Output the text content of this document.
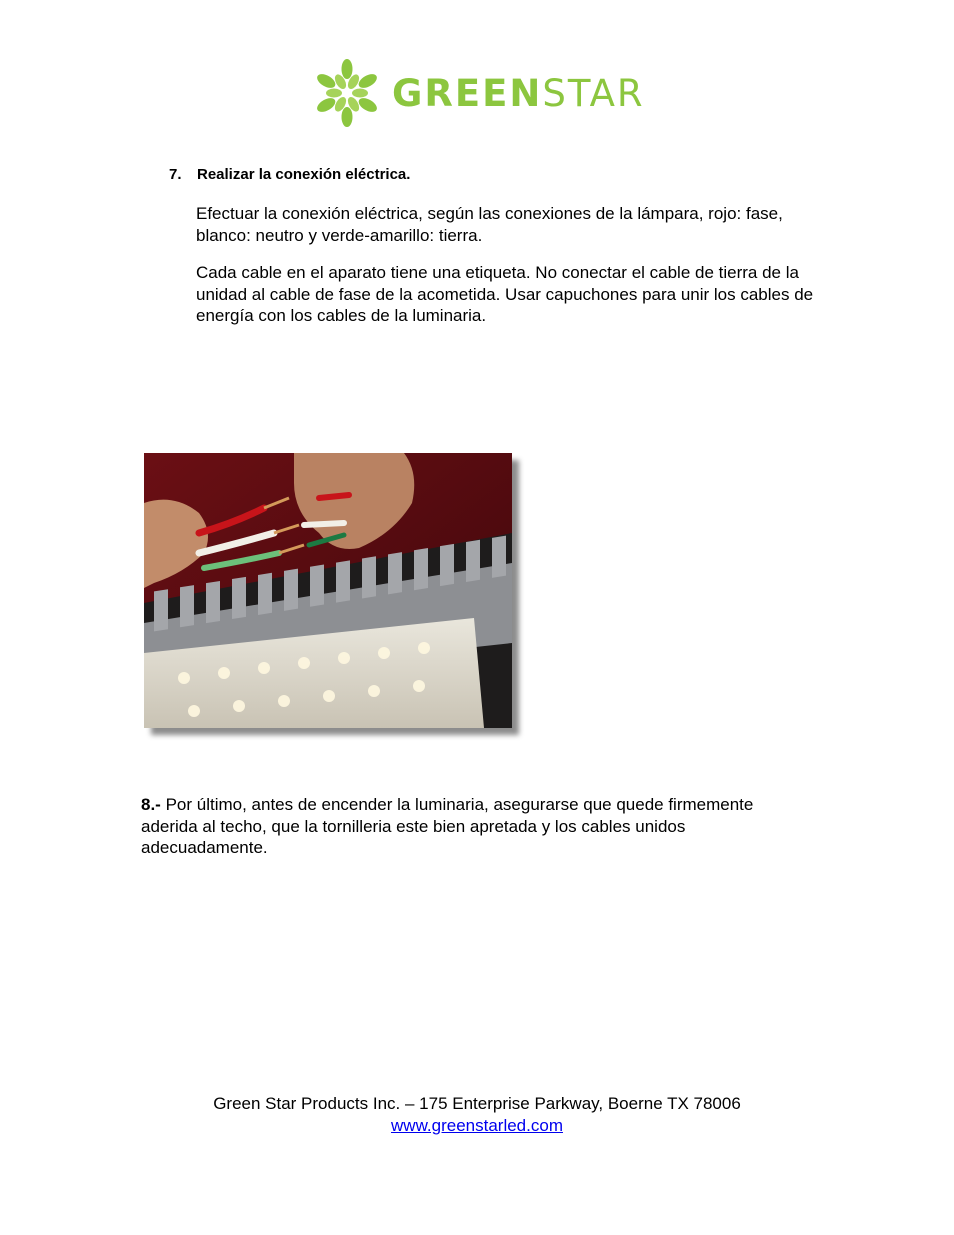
GREENSTAR
7. Realizar la conexión eléctrica.

Efectuar la conexión eléctrica, según las conexiones de la lámpara, rojo: fase, blanco: neutro y verde-amarillo: tierra.

Cada cable en el aparato tiene una etiqueta. No conectar el cable de tierra de la unidad al cable de fase de la acometida. Usar capuchones para unir los cables de energía con los cables de la luminaria.

8.- Por último, antes de encender la luminaria, asegurarse que quede firmemente aderida al techo, que la tornilleria este bien apretada y los cables unidos adecuadamente.

Green Star Products Inc. – 175 Enterprise Parkway, Boerne TX 78006
www.greenstarled.com
